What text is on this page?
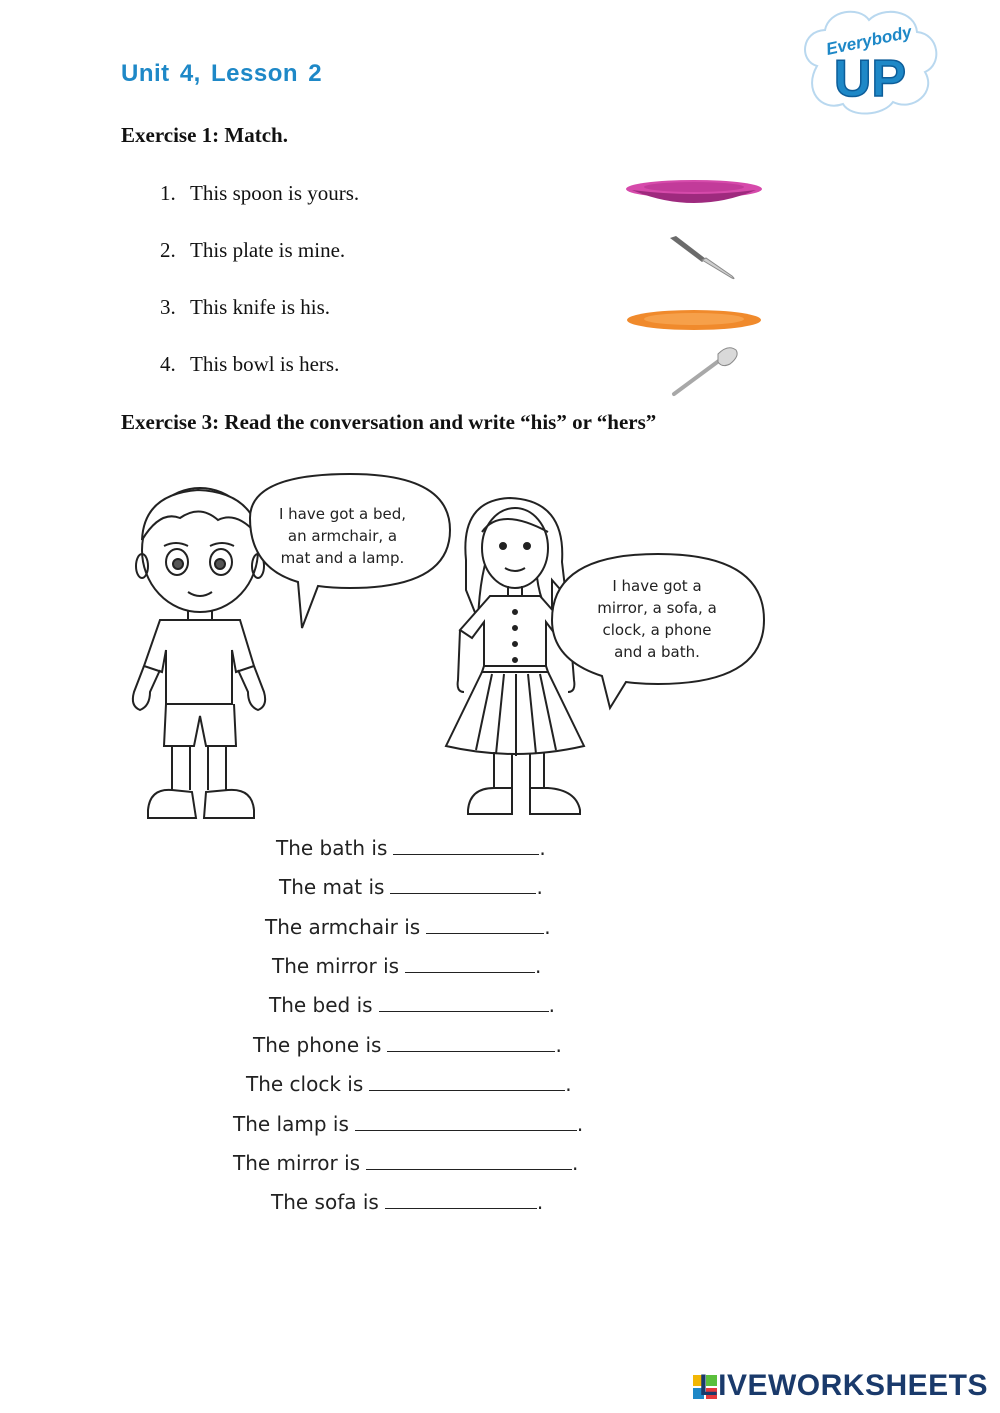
Unit 4, Lesson 2
Everybody
UP
Exercise 1: Match.
1. This spoon is yours.
2. This plate is mine.
3. This knife is his.
4. This bowl is hers.
Exercise 3: Read the conversation and write “his” or “hers”
I have got a bed,
an armchair, a
mat and a lamp.
I have got a
mirror, a sofa, a
clock, a phone
and a bath.
The bath is	.
The mat is	.
The armchair is	.
The mirror is	.
The bed is	.
The phone is	.
The clock is	.
The lamp is	.
The mirror is	.
The sofa is	.
LIVEWORKSHEETS
